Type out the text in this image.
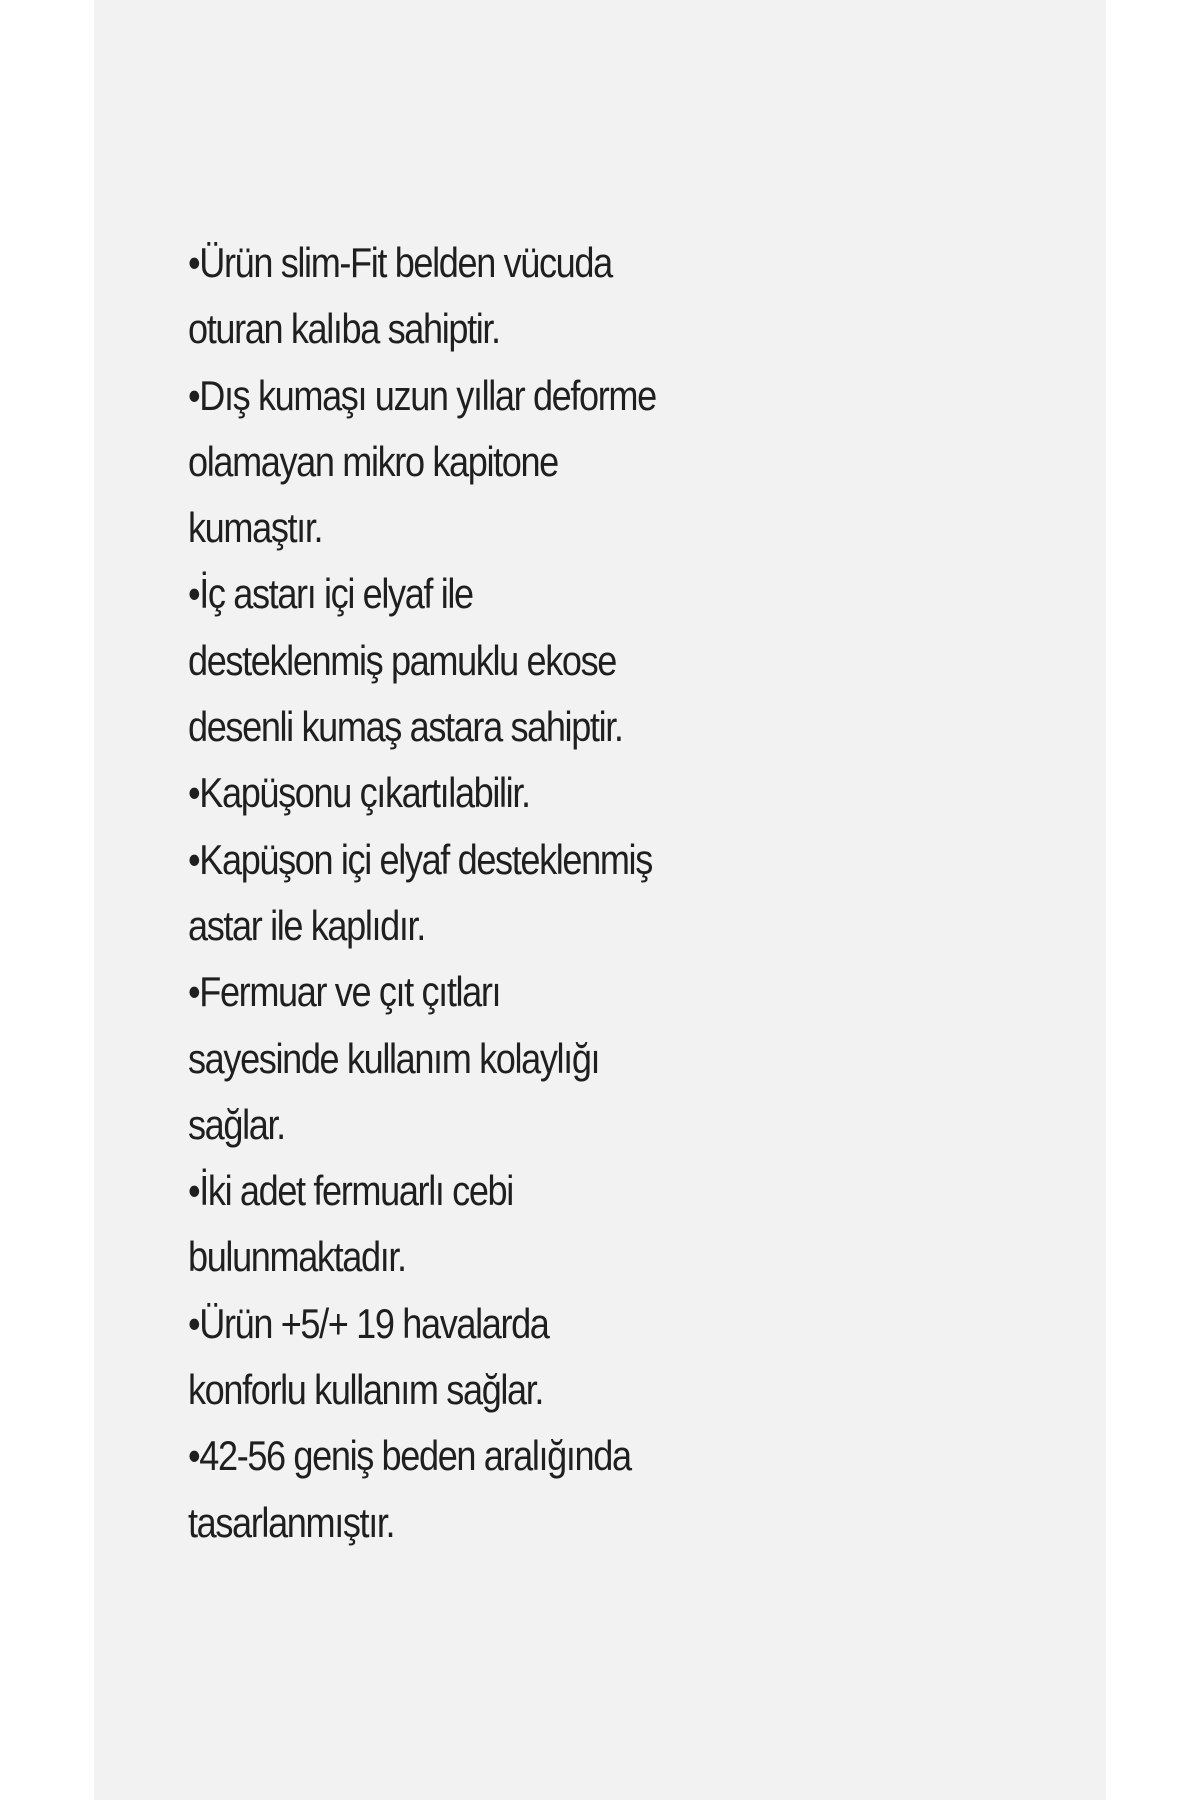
•Ürün slim-Fit belden vücuda
oturan kalıba sahiptir.
•Dış kumaşı uzun yıllar deforme
olamayan mikro kapitone
kumaştır.
•İç astarı içi elyaf ile
desteklenmiş pamuklu ekose
desenli kumaş astara sahiptir.
•Kapüşonu çıkartılabilir.
•Kapüşon içi elyaf desteklenmiş
astar ile kaplıdır.
•Fermuar ve çıt çıtları
sayesinde kullanım kolaylığı
sağlar.
•İki adet fermuarlı cebi
bulunmaktadır.
•Ürün +5/+ 19 havalarda
konforlu kullanım sağlar.
•42-56 geniş beden aralığında
tasarlanmıştır.
